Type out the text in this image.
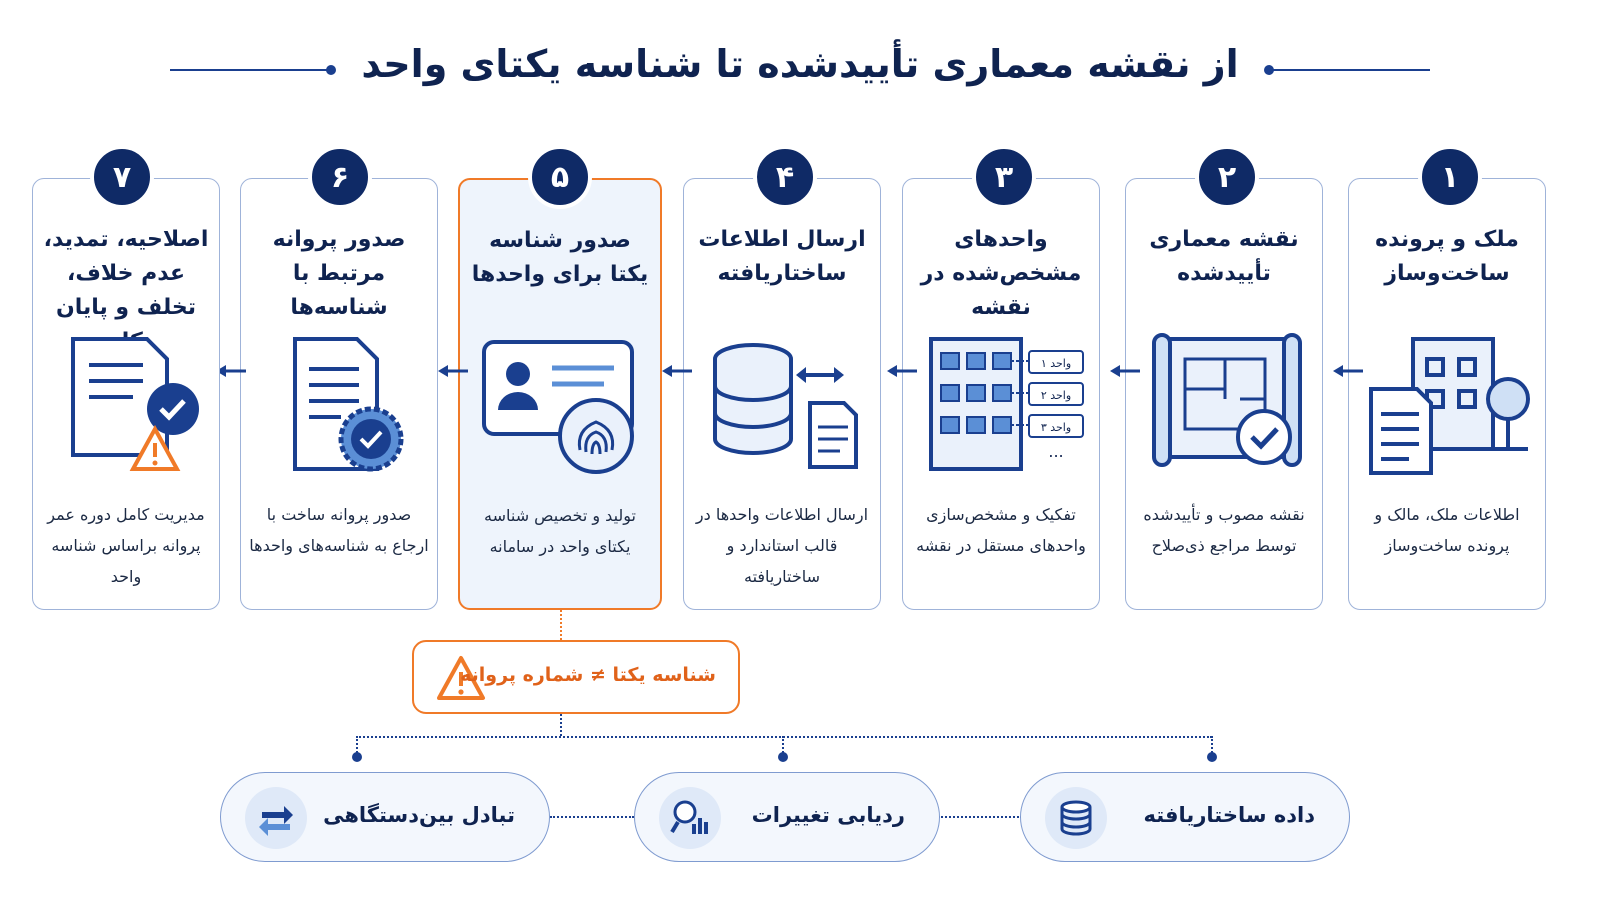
از نقشه معماری تأییدشده تا شناسه یکتای واحد
۱
ملک و پرونده ساخت‌وساز
اطلاعات ملک، مالک و پرونده ساخت‌وساز
۲
نقشه معماری تأییدشده
نقشه مصوب و تأییدشده توسط مراجع ذی‌صلاح
۳
واحدهای مشخص‌شده در نقشه
واحد ۱
واحد ۲
واحد ۳
...
تفکیک و مشخص‌سازی واحدهای مستقل در نقشه
۴
ارسال اطلاعات ساختاریافته
ارسال اطلاعات واحدها در قالب استاندارد و ساختاریافته
۵
صدور شناسه یکتا برای واحدها
تولید و تخصیص شناسه یکتای واحد در سامانه
۶
صدور پروانه مرتبط با شناسه‌ها
صدور پروانه ساخت با ارجاع به شناسه‌های واحدها
۷
اصلاحیه، تمدید، عدم خلاف، تخلف و پایان
مدیریت کامل دوره عمر پروانه براساس شناسه واحد
شناسه یکتا ≠ شماره پروانه
داده ساختاریافته
ردیابی تغییرات
تبادل بین‌دستگاهی
